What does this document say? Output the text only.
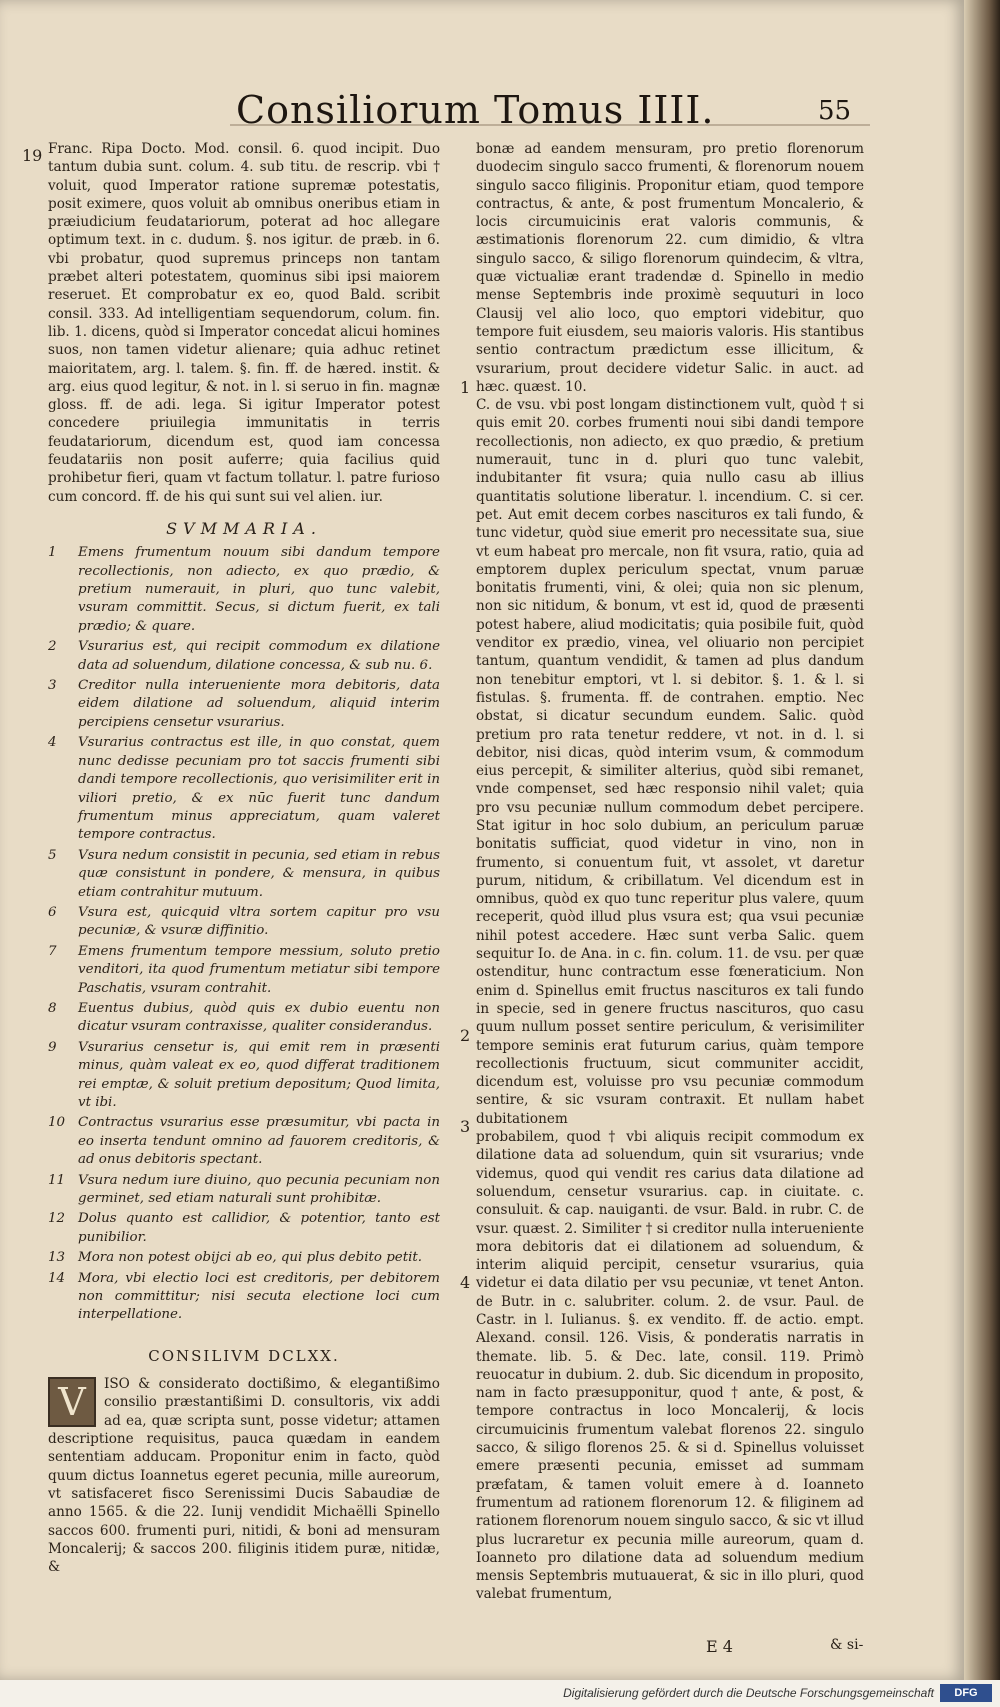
Consiliorum Tomus IIII.	55
19 Franc. Ripa Docto. Mod. consil. 6. quod incipit. Duo tantum dubia sunt. colum. 4. sub titu. de rescrip. vbi † voluit, quod Imperator ratione supremæ potestatis, posit eximere, quos voluit ab omnibus oneribus etiam in præiudicium feudatariorum, poterat ad hoc allegare optimum text. in c. dudum. §. nos igitur. de præb. in 6. vbi probatur, quod supremus princeps non tantam præbet alteri potestatem, quominus sibi ipsi maiorem reseruet. Et comprobatur ex eo, quod Bald. scribit consil. 333. Ad intelligentiam sequendorum, colum. fin. lib. 1. dicens, quòd si Imperator concedat alicui homines suos, non tamen videtur alienare; quia adhuc retinet maioritatem, arg. l. talem. §. fin. ff. de hæred. instit. & arg. eius quod legitur, & not. in l. si seruo in fin. magnæ gloss. ff. de adi. lega. Si igitur Imperator potest concedere priuilegia immunitatis in terris feudatariorum, dicendum est, quod iam concessa feudatariis non posit auferre; quia facilius quid prohibetur fieri, quam vt factum tollatur. l. patre furioso cum concord. ff. de his qui sunt sui vel alien. iur.

SVMMARIA.
1	Emens frumentum nouum sibi dandum tempore recollectionis, non adiecto, ex quo prædio, & pretium numerauit, in pluri, quo tunc valebit, vsuram committit. Secus, si dictum fuerit, ex tali prædio; & quare.
2	Vsurarius est, qui recipit commodum ex dilatione data ad soluendum, dilatione concessa, & sub nu. 6.
3	Creditor nulla interueniente mora debitoris, data eidem dilatione ad soluendum, aliquid interim percipiens censetur vsurarius.
4	Vsurarius contractus est ille, in quo constat, quem nunc dedisse pecuniam pro tot saccis frumenti sibi dandi tempore recollectionis, quo verisimiliter erit in viliori pretio, & ex nūc fuerit tunc dandum frumentum minus appreciatum, quam valeret tempore contractus.
5	Vsura nedum consistit in pecunia, sed etiam in rebus quæ consistunt in pondere, & mensura, in quibus etiam contrahitur mutuum.
6	Vsura est, quicquid vltra sortem capitur pro vsu pecuniæ, & vsuræ diffinitio.
7	Emens frumentum tempore messium, soluto pretio venditori, ita quod frumentum metiatur sibi tempore Paschatis, vsuram contrahit.
8	Euentus dubius, quòd quis ex dubio euentu non dicatur vsuram contraxisse, qualiter considerandus.
9	Vsurarius censetur is, qui emit rem in præsenti minus, quàm valeat ex eo, quod differat traditionem rei emptæ, & soluit pretium depositum; Quod limita, vt ibi.
10 Contractus vsurarius esse præsumitur, vbi pacta in eo inserta tendunt omnino ad fauorem creditoris, & ad onus debitoris spectant.
11 Vsura nedum iure diuino, quo pecunia pecuniam non germinet, sed etiam naturali sunt prohibitæ.
12 Dolus quanto est callidior, & potentior, tanto est punibilior.
13 Mora non potest obijci ab eo, qui plus debito petit.
14 Mora, vbi electio loci est creditoris, per debitorem non committitur; nisi secuta electione loci cum interpellatione.
CONSILIVM DCLXX.
V	ISO & considerato doctißimo, & elegantißimo consilio præstantißimi D. consultoris, vix addi ad ea, quæ scripta sunt, posse videtur; attamen descriptione requisitus, pauca quædam in eandem sententiam adducam. Proponitur enim in facto, quòd quum dictus Ioannetus egeret pecunia, mille aureorum, vt satisfaceret fisco Serenissimi Ducis Sabaudiæ de anno 1565. & die 22. Iunij vendidit Michaëlli Spinello saccos 600. frumenti puri, nitidi, & boni ad mensuram Moncalerij; & saccos 200. filiginis itidem puræ, nitidæ, &

bonæ ad eandem mensuram, pro pretio florenorum duodecim singulo sacco frumenti, & florenorum nouem singulo sacco filiginis. Proponitur etiam, quod tempore contractus, & ante, & post frumentum Moncalerio, & locis circumuicinis erat valoris communis, & æstimationis florenorum 22. cum dimidio, & vltra singulo sacco, & siligo florenorum quindecim, & vltra, quæ victualiæ erant tradendæ d. Spinello in medio mense Septembris inde proximè sequuturi in loco Clausij vel alio loco, quo emptori videbitur, quo tempore fuit eiusdem, seu maioris valoris. His stantibus sentio contractum prædictum esse illicitum, & vsurarium, prout decidere videtur Salic. in auct. ad hæc. quæst. 10.

C. de vsu. vbi post longam distinctionem vult, quòd † si quis emit 20. corbes frumenti noui sibi dandi tempore recollectionis, non adiecto, ex quo prædio, & pretium numerauit, tunc in d. pluri quo tunc valebit, indubitanter fit vsura; quia nullo casu ab illius quantitatis solutione liberatur. l. incendium. C. si cer. pet. Aut emit decem corbes nascituros ex tali fundo, & tunc videtur, quòd siue emerit pro necessitate sua, siue vt eum habeat pro mercale, non fit vsura, ratio, quia ad emptorem duplex periculum spectat, vnum paruæ bonitatis frumenti, vini, & olei; quia non sic plenum, non sic nitidum, & bonum, vt est id, quod de præsenti potest habere, aliud modicitatis; quia posibile fuit, quòd venditor ex prædio, vinea, vel oliuario non percipiet tantum, quantum vendidit, & tamen ad plus dandum non tenebitur emptori, vt l. si debitor. §. 1. & l. si fistulas. §. frumenta. ff. de contrahen. emptio. Nec obstat, si dicatur secundum eundem. Salic. quòd pretium pro rata tenetur reddere, vt not. in d. l. si debitor, nisi dicas, quòd interim vsum, & commodum eius percepit, & similiter alterius, quòd sibi remanet, vnde compenset, sed hæc responsio nihil valet; quia pro vsu pecuniæ nullum commodum debet percipere. Stat igitur in hoc solo dubium, an periculum paruæ bonitatis sufficiat, quod videtur in vino, non in frumento, si conuentum fuit, vt assolet, vt daretur purum, nitidum, & cribillatum. Vel dicendum est in omnibus, quòd ex quo tunc reperitur plus valere, quum receperit, quòd illud plus vsura est; qua vsui pecuniæ nihil potest accedere. Hæc sunt verba Salic. quem sequitur Io. de Ana. in c. fin. colum. 11. de vsu. per quæ ostenditur, hunc contractum esse fœneraticium. Non enim d. Spinellus emit fructus nascituros ex tali fundo in specie, sed in genere fructus nascituros, quo casu quum nullum posset sentire periculum, & verisimiliter tempore seminis erat futurum carius, quàm tempore recollectionis fructuum, sicut communiter accidit, dicendum est, voluisse pro vsu pecuniæ commodum sentire, & sic vsuram contraxit. Et nullam habet dubitationem

probabilem, quod † vbi aliquis recipit commodum ex dilatione data ad soluendum, quin sit vsurarius; vnde videmus, quod qui vendit res carius data dilatione ad soluendum, censetur vsurarius. cap. in ciuitate. c. consuluit. & cap. nauiganti. de vsur. Bald. in rubr. C. de vsur. quæst. 2. Similiter † si creditor nulla interueniente mora debitoris dat ei dilationem ad soluendum, & interim aliquid percipit, censetur vsurarius, quia videtur ei data dilatio per vsu pecuniæ, vt tenet Anton. de Butr. in c. salubriter. colum. 2. de vsur. Paul. de Castr. in l. Iulianus. §. ex vendito. ff. de actio. empt. Alexand. consil. 126. Visis, & ponderatis narratis in themate. lib. 5. & Dec. late, consil. 119. Primò reuocatur in dubium. 2. dub. Sic dicendum in proposito, nam in facto præsupponitur, quod † ante, & post, & tempore contractus in loco Moncalerij, & locis circumuicinis frumentum valebat florenos 22. singulo sacco, & siligo florenos 25. & si d. Spinellus voluisset emere præsenti pecunia, emisset ad summam præfatam, & tamen voluit emere à d. Ioanneto frumentum ad rationem florenorum 12. & filiginem ad rationem florenorum nouem singulo sacco, & sic vt illud plus lucraretur ex pecunia mille aureorum, quam d. Ioanneto pro dilatione data ad soluendum medium mensis Septembris mutuauerat, & sic in illo pluri, quod valebat frumentum,

1
2
3
4
E 4	& si-
Digitalisierung gefördert durch die Deutsche Forschungsgemeinschaft	DFG
